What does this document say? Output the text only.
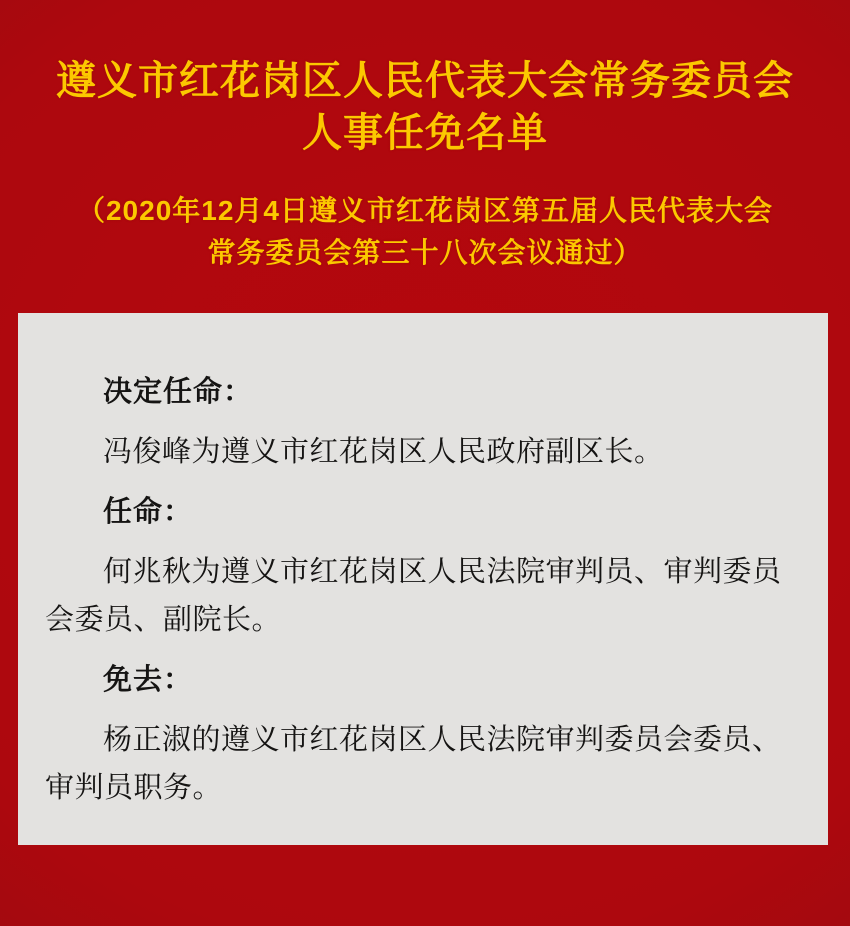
遵义市红花岗区人民代表大会常务委员会
人事任免名单
（2020年12月4日遵义市红花岗区第五届人民代表大会
常务委员会第三十八次会议通过）
决定任命：

冯俊峰为遵义市红花岗区人民政府副区长。

任命：

何兆秋为遵义市红花岗区人民法院审判员、审判委员
会委员、副院长。

免去：

杨正淑的遵义市红花岗区人民法院审判委员会委员、
审判员职务。
